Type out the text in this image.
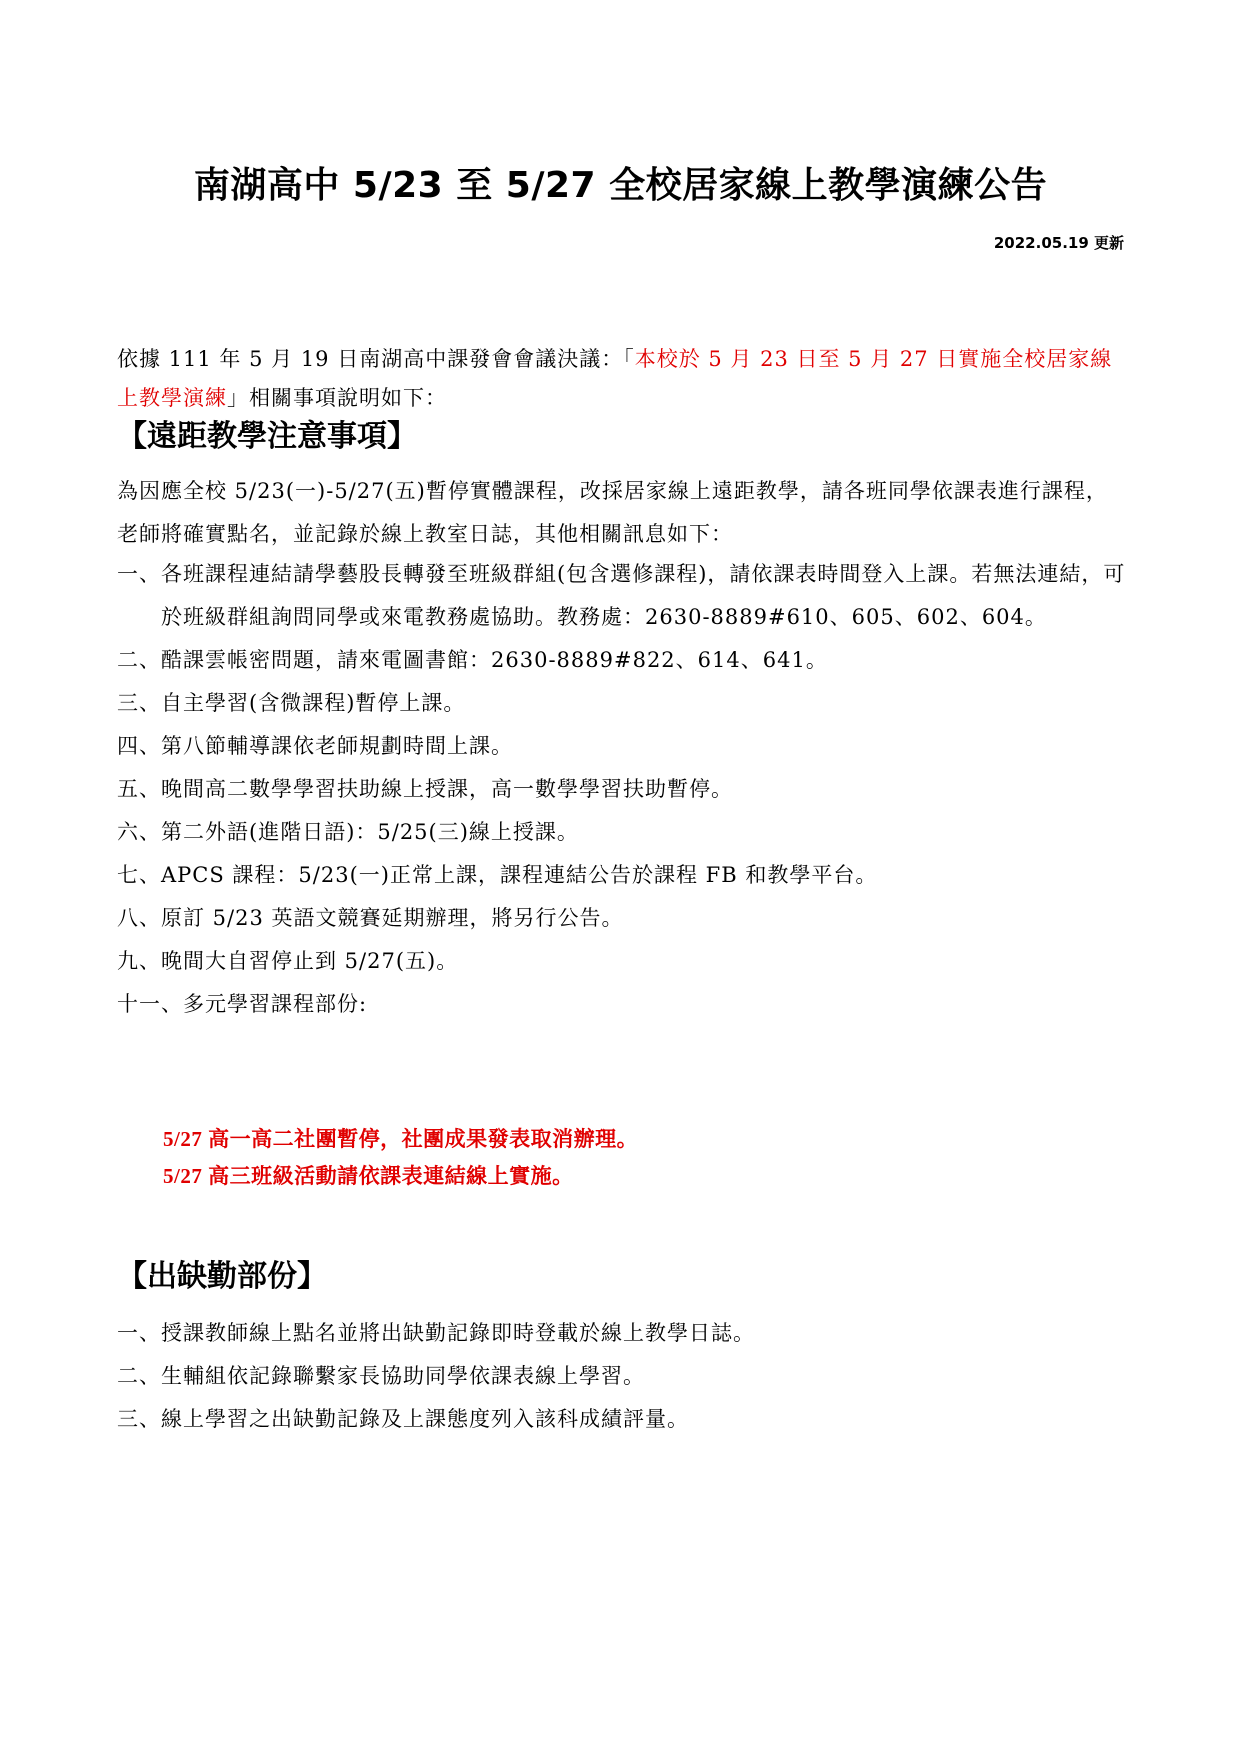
南湖高中 5/23 至 5/27 全校居家線上教學演練公告
2022.05.19 更新
依據 111 年 5 月 19 日南湖高中課發會會議決議：「本校於 5 月 23 日至 5 月 27 日實施全校居家線上教學演練」相關事項說明如下：
【遠距教學注意事項】
為因應全校 5/23(一)-5/27(五)暫停實體課程，改採居家線上遠距教學，請各班同學依課表進行課程，老師將確實點名，並記錄於線上教室日誌，其他相關訊息如下：
一、 各班課程連結請學藝股長轉發至班級群組(包含選修課程)，請依課表時間登入上課。若無法連結，可於班級群組詢問同學或來電教務處協助。教務處：2630-8889#610、605、602、604。
二、 酷課雲帳密問題，請來電圖書館：2630-8889#822、614、641。
三、 自主學習(含微課程)暫停上課。
四、 第八節輔導課依老師規劃時間上課。
五、 晚間高二數學學習扶助線上授課，高一數學學習扶助暫停。
六、 第二外語(進階日語)：5/25(三)線上授課。
七、 APCS 課程：5/23(一)正常上課，課程連結公告於課程 FB 和教學平台。
八、 原訂 5/23 英語文競賽延期辦理，將另行公告。
九、 晚間大自習停止到 5/27(五)。
十一、 多元學習課程部份:
5/27 高一高二社團暫停，社團成果發表取消辦理。
5/27 高三班級活動請依課表連結線上實施。
【出缺勤部份】
一、 授課教師線上點名並將出缺勤記錄即時登載於線上教學日誌。
二、 生輔組依記錄聯繫家長協助同學依課表線上學習。
三、 線上學習之出缺勤記錄及上課態度列入該科成績評量。
